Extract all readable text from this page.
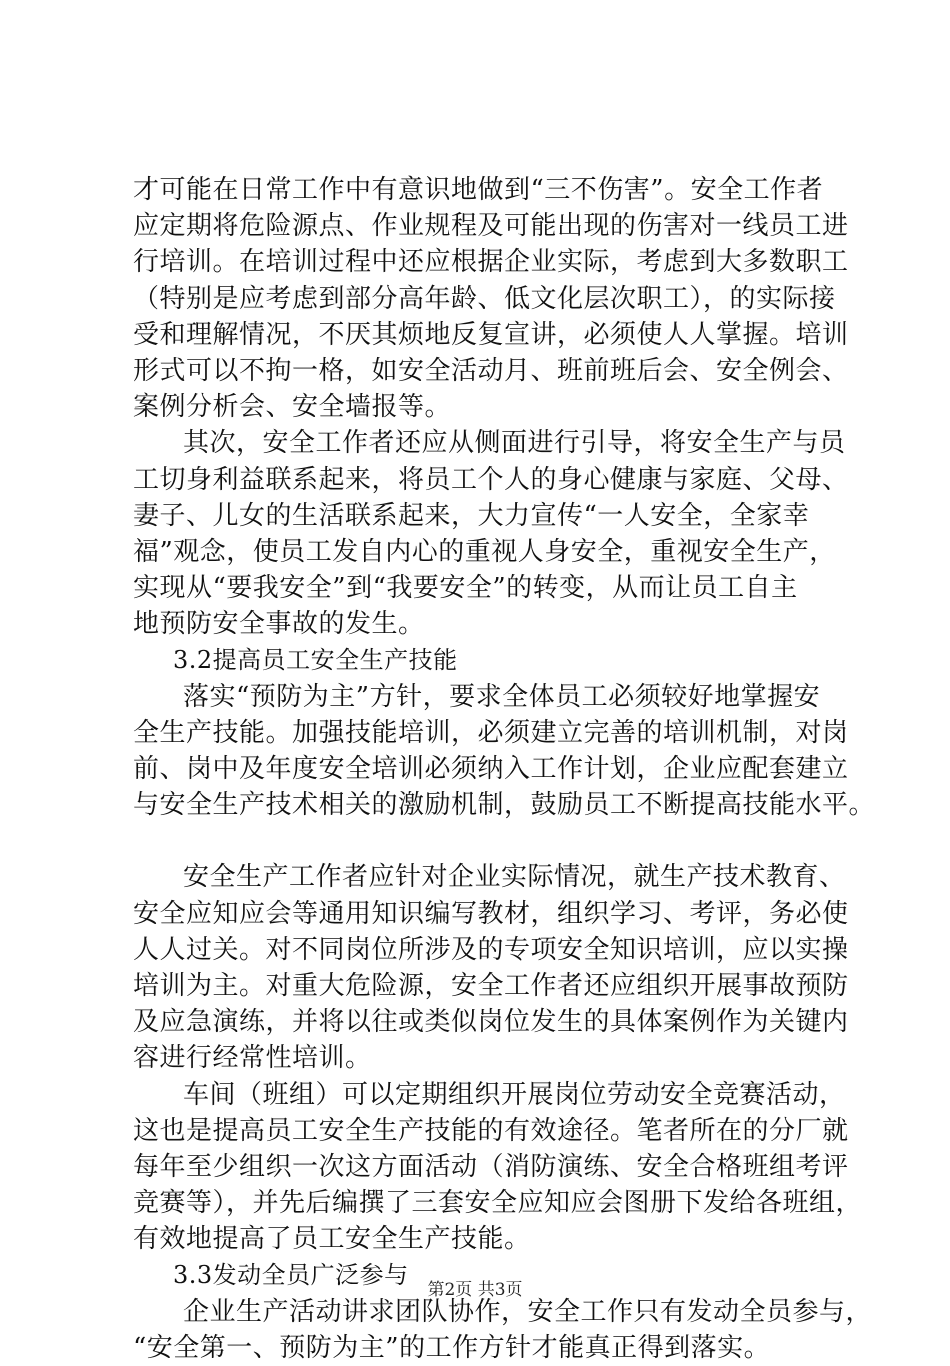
才可能在日常工作中有意识地做到“三不伤害”。安全工作者
应定期将危险源点、作业规程及可能出现的伤害对一线员工进
行培训。在培训过程中还应根据企业实际，考虑到大多数职工
（特别是应考虑到部分高年龄、低文化层次职工），的实际接
受和理解情况，不厌其烦地反复宣讲，必须使人人掌握。培训
形式可以不拘一格，如安全活动月、班前班后会、安全例会、
案例分析会、安全墙报等。
其次，安全工作者还应从侧面进行引导，将安全生产与员
工切身利益联系起来，将员工个人的身心健康与家庭、父母、
妻子、儿女的生活联系起来，大力宣传“一人安全，全家幸
福”观念，使员工发自内心的重视人身安全，重视安全生产，
实现从“要我安全”到“我要安全”的转变，从而让员工自主
地预防安全事故的发生。
3.2提高员工安全生产技能
落实“预防为主”方针，要求全体员工必须较好地掌握安
全生产技能。加强技能培训，必须建立完善的培训机制，对岗
前、岗中及年度安全培训必须纳入工作计划，企业应配套建立
与安全生产技术相关的激励机制，鼓励员工不断提高技能水平。
安全生产工作者应针对企业实际情况，就生产技术教育、
安全应知应会等通用知识编写教材，组织学习、考评，务必使
人人过关。对不同岗位所涉及的专项安全知识培训，应以实操
培训为主。对重大危险源，安全工作者还应组织开展事故预防
及应急演练，并将以往或类似岗位发生的具体案例作为关键内
容进行经常性培训。
车间（班组）可以定期组织开展岗位劳动安全竞赛活动，
这也是提高员工安全生产技能的有效途径。笔者所在的分厂就
每年至少组织一次这方面活动（消防演练、安全合格班组考评
竞赛等），并先后编撰了三套安全应知应会图册下发给各班组，
有效地提高了员工安全生产技能。
3.3发动全员广泛参与
企业生产活动讲求团队协作，安全工作只有发动全员参与，
“安全第一、预防为主”的工作方针才能真正得到落实。
第2页 共3页
